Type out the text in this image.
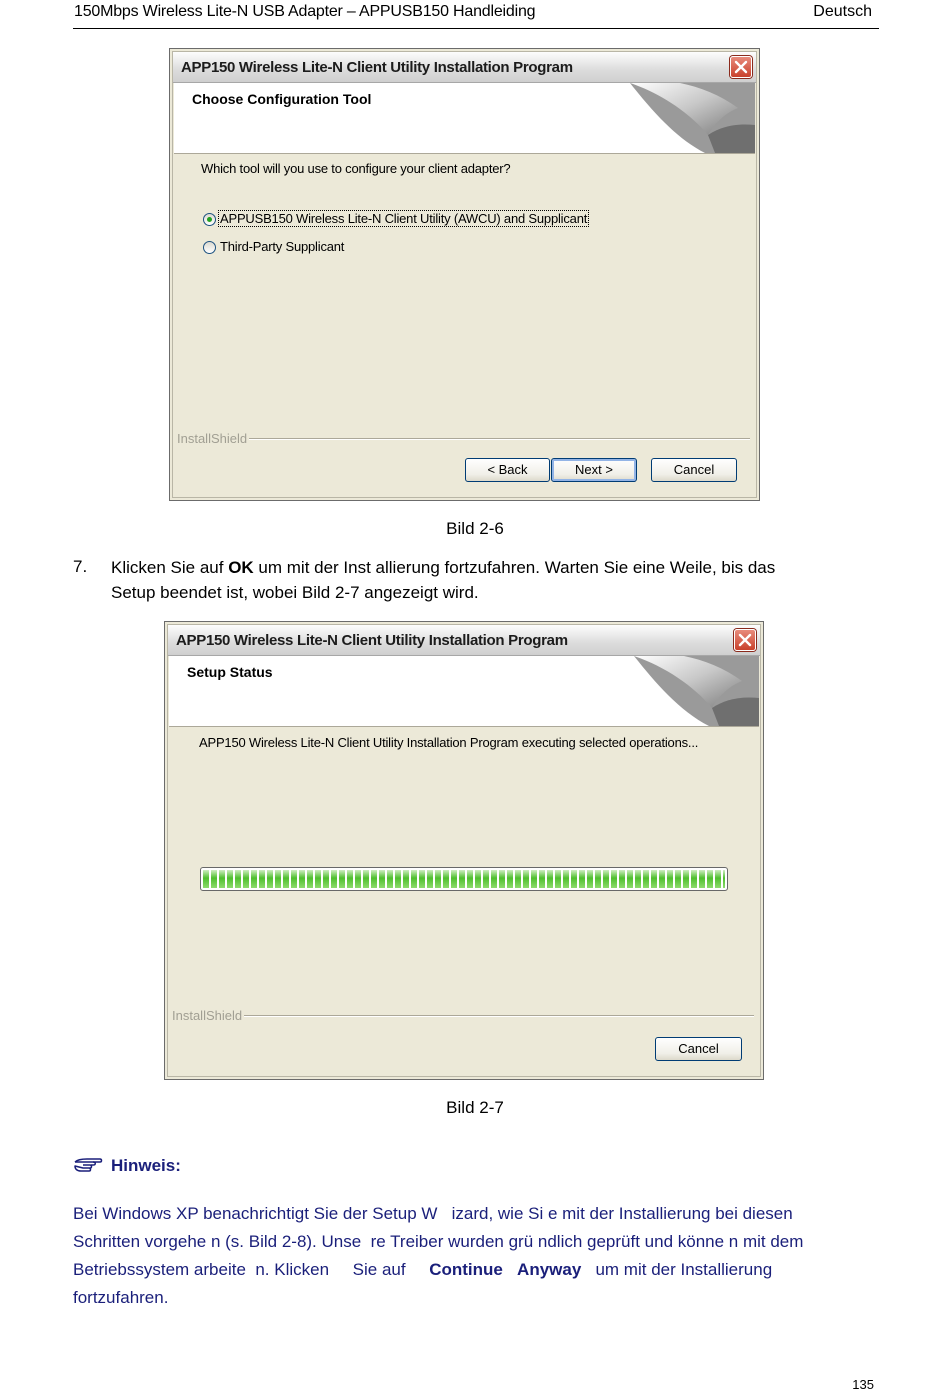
150Mbps Wireless Lite-N USB Adapter – APPUSB150 Handleiding	Deutsch
APP150 Wireless Lite-N Client Utility Installation Program
Choose Configuration Tool
Which tool will you use to configure your client adapter?
APPUSB150 Wireless Lite-N Client Utility (AWCU) and Supplicant
Third-Party Supplicant
InstallShield
< Back	Next >	Cancel
Bild 2-6
7. Klicken Sie auf OK um mit der Inst allierung fortzufahren. Warten Sie eine Weile, bis das
Setup beendet ist, wobei Bild 2-7 angezeigt wird.
APP150 Wireless Lite-N Client Utility Installation Program
Setup Status
APP150 Wireless Lite-N Client Utility Installation Program executing selected operations...
InstallShield
Cancel
Bild 2-7
Hinweis:
Bei Windows XP benachrichtigt Sie der Setup W   izard, wie Si e mit der Installierung bei diesen
Schritten vorgehe n (s. Bild 2-8). Unse  re Treiber wurden grü ndlich geprüft und könne n mit dem
Betriebssystem arbeite  n. Klicken     Sie auf     Continue Anyway   um mit der Installierung
fortzufahren.
135
